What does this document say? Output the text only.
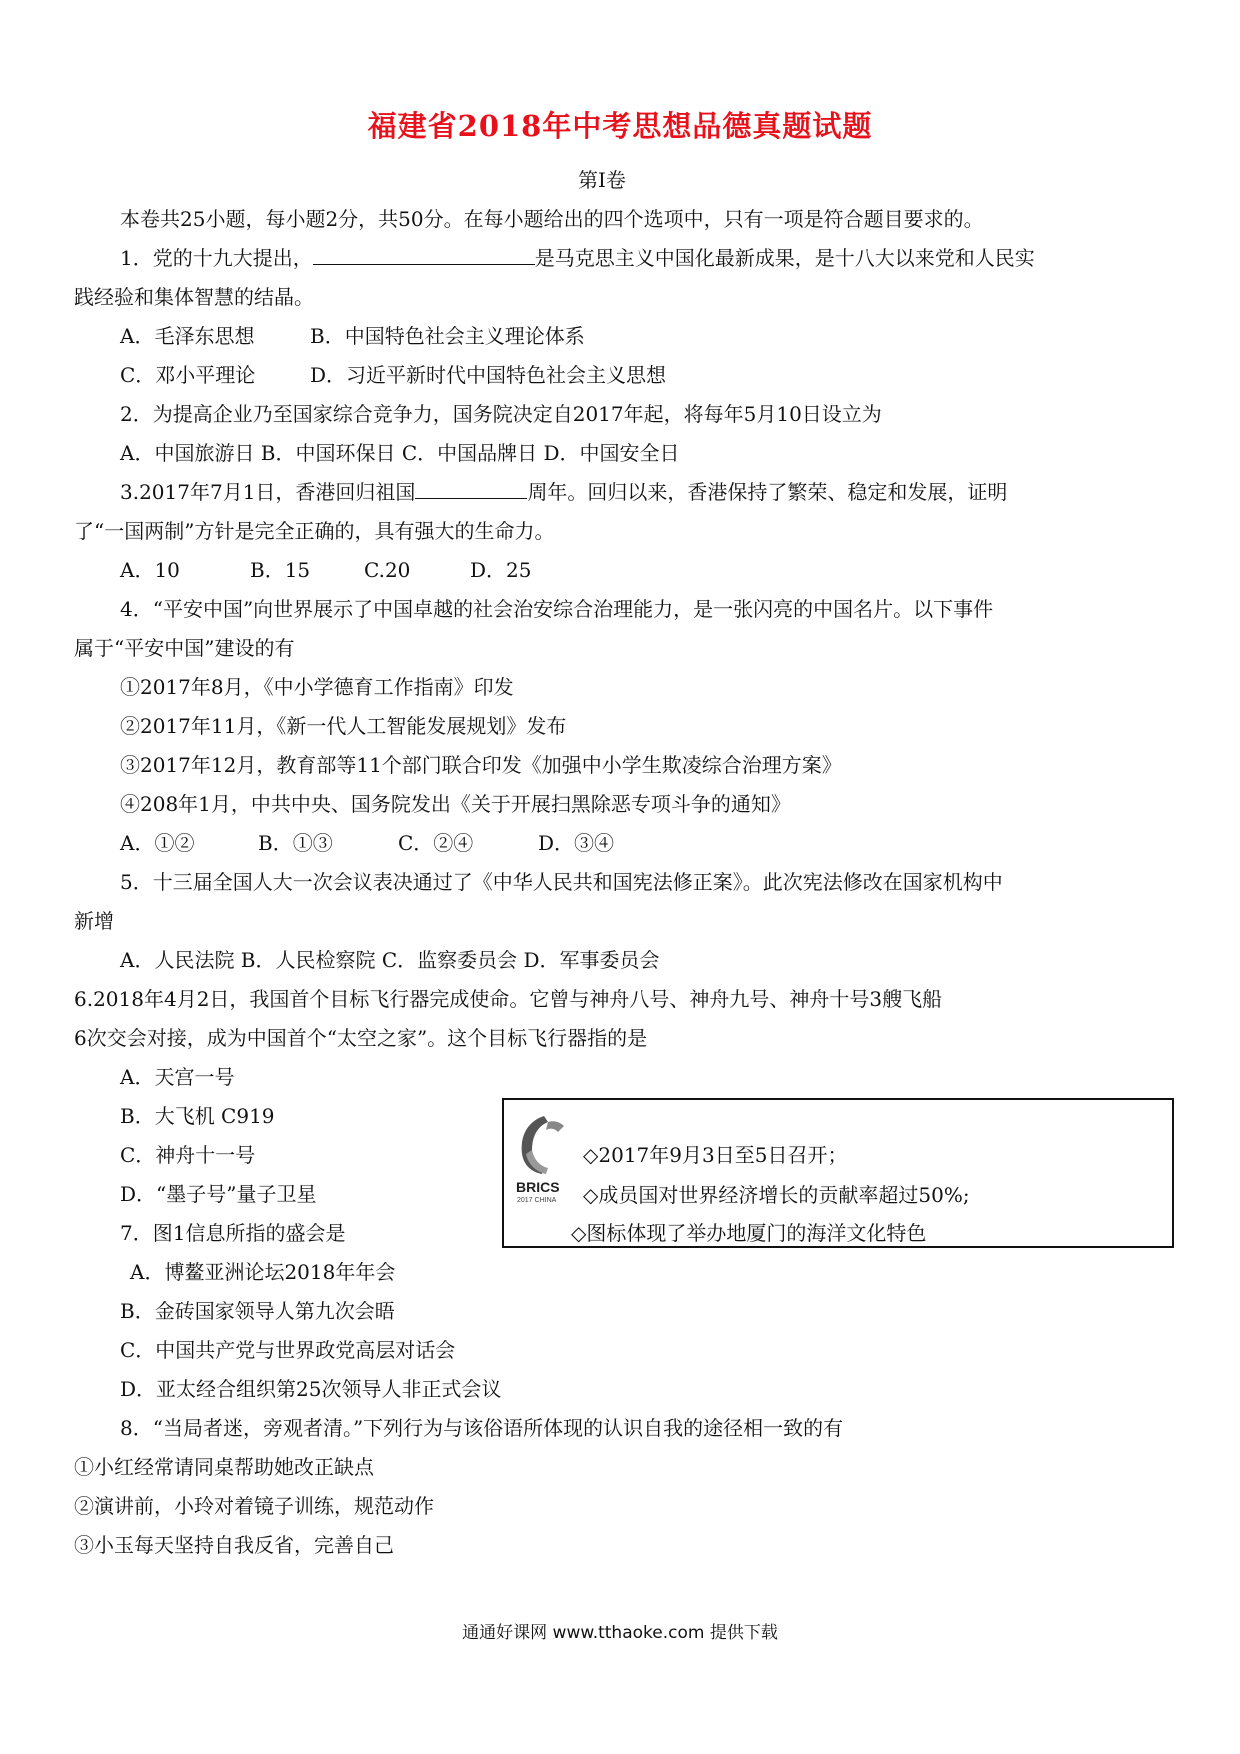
福建省2018年中考思想品德真题试题
第I卷
本卷共25小题，每小题2分，共50分。在每小题给出的四个选项中，只有一项是符合题目要求的。
1．党的十九大提出，	是马克思主义中国化最新成果，是十八大以来党和人民实
践经验和集体智慧的结晶。
A．毛泽东思想	B．中国特色社会主义理论体系
C．邓小平理论	D．习近平新时代中国特色社会主义思想
2．为提高企业乃至国家综合竞争力，国务院决定自2017年起，将每年5月10日设立为
A．中国旅游日 B．中国环保日 C．中国品牌日 D．中国安全日
3.2017年7月1日，香港回归祖国	周年。回归以来，香港保持了繁荣、稳定和发展，证明
了“一国两制”方针是完全正确的，具有强大的生命力。
A．10	B．15	C.20	D．25
4．“平安中国”向世界展示了中国卓越的社会治安综合治理能力，是一张闪亮的中国名片。以下事件
属于“平安中国”建设的有
①2017年8月，《中小学德育工作指南》印发
②2017年11月，《新一代人工智能发展规划》发布
③2017年12月，教育部等11个部门联合印发《加强中小学生欺凌综合治理方案》
④208年1月，中共中央、国务院发出《关于开展扫黑除恶专项斗争的通知》
A．①②	B．①③	C．②④	D．③④
5．十三届全国人大一次会议表决通过了《中华人民共和国宪法修正案》。此次宪法修改在国家机构中
新增
A．人民法院 B．人民检察院 C．监察委员会 D．军事委员会
6.2018年4月2日，我国首个目标飞行器完成使命。它曾与神舟八号、神舟九号、神舟十号3艘飞船
6次交会对接，成为中国首个“太空之家”。这个目标飞行器指的是
A．天宫一号
B．大飞机 C919
C．神舟十一号
D．“墨子号”量子卫星
7．图1信息所指的盛会是
A．博鳌亚洲论坛2018年年会
B．金砖国家领导人第九次会晤
C．中国共产党与世界政党高层对话会
D．亚太经合组织第25次领导人非正式会议
BRICS
2017 CHINA
◇2017年9月3日至5日召开；
◇成员国对世界经济增长的贡献率超过50%;
◇图标体现了举办地厦门的海洋文化特色
8．“当局者迷，旁观者清。”下列行为与该俗语所体现的认识自我的途径相一致的有
①小红经常请同桌帮助她改正缺点
②演讲前，小玲对着镜子训练，规范动作
③小玉每天坚持自我反省，完善自己
通通好课网 www.tthaoke.com 提供下载
